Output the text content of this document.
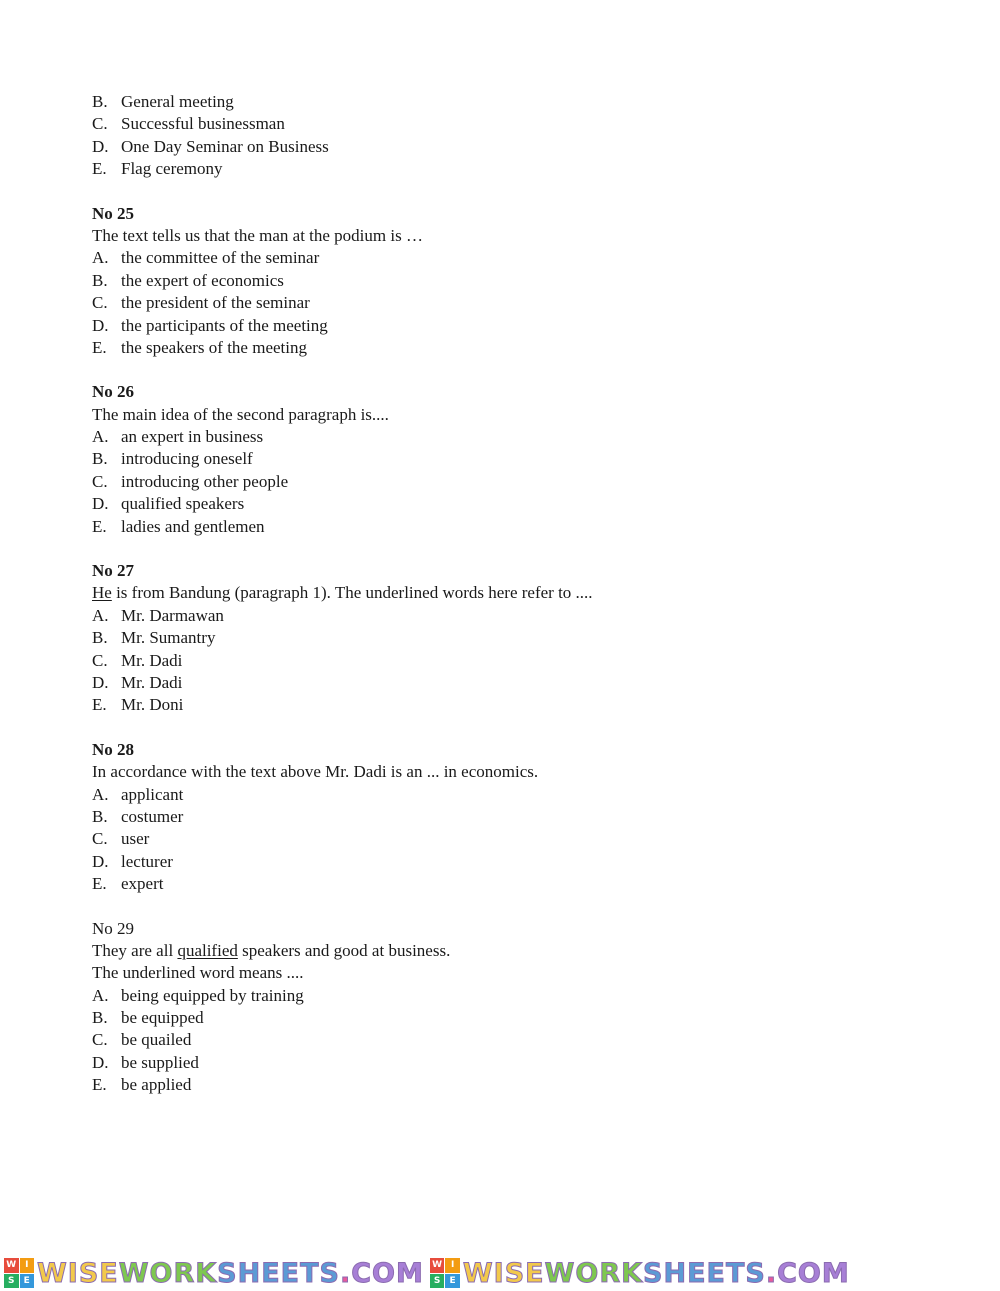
B. General meeting
C. Successful businessman
D. One Day Seminar on Business
E. Flag ceremony
No 25
The text tells us that the man at the podium is …
A. the committee of the seminar
B. the expert of economics
C. the president of the seminar
D. the participants of the meeting
E. the speakers of the meeting
No 26
The main idea of the second paragraph is....
A. an expert in business
B. introducing oneself
C. introducing other people
D. qualified speakers
E. ladies and gentlemen
No 27
He is from Bandung (paragraph 1). The underlined words here refer to ....
A. Mr. Darmawan
B. Mr. Sumantry
C. Mr. Dadi
D. Mr. Dadi
E. Mr. Doni
No 28
In accordance with the text above Mr. Dadi is an ... in economics.
A. applicant
B. costumer
C. user
D. lecturer
E. expert
No 29
They are all qualified speakers and good at business.
The underlined word means ....
A. being equipped by training
B. be equipped
C. be quailed
D. be supplied
E. be applied
W I
S	E WISEWORKSHEETS.COM W I
S	E WISEWORKSHEETS.COM
